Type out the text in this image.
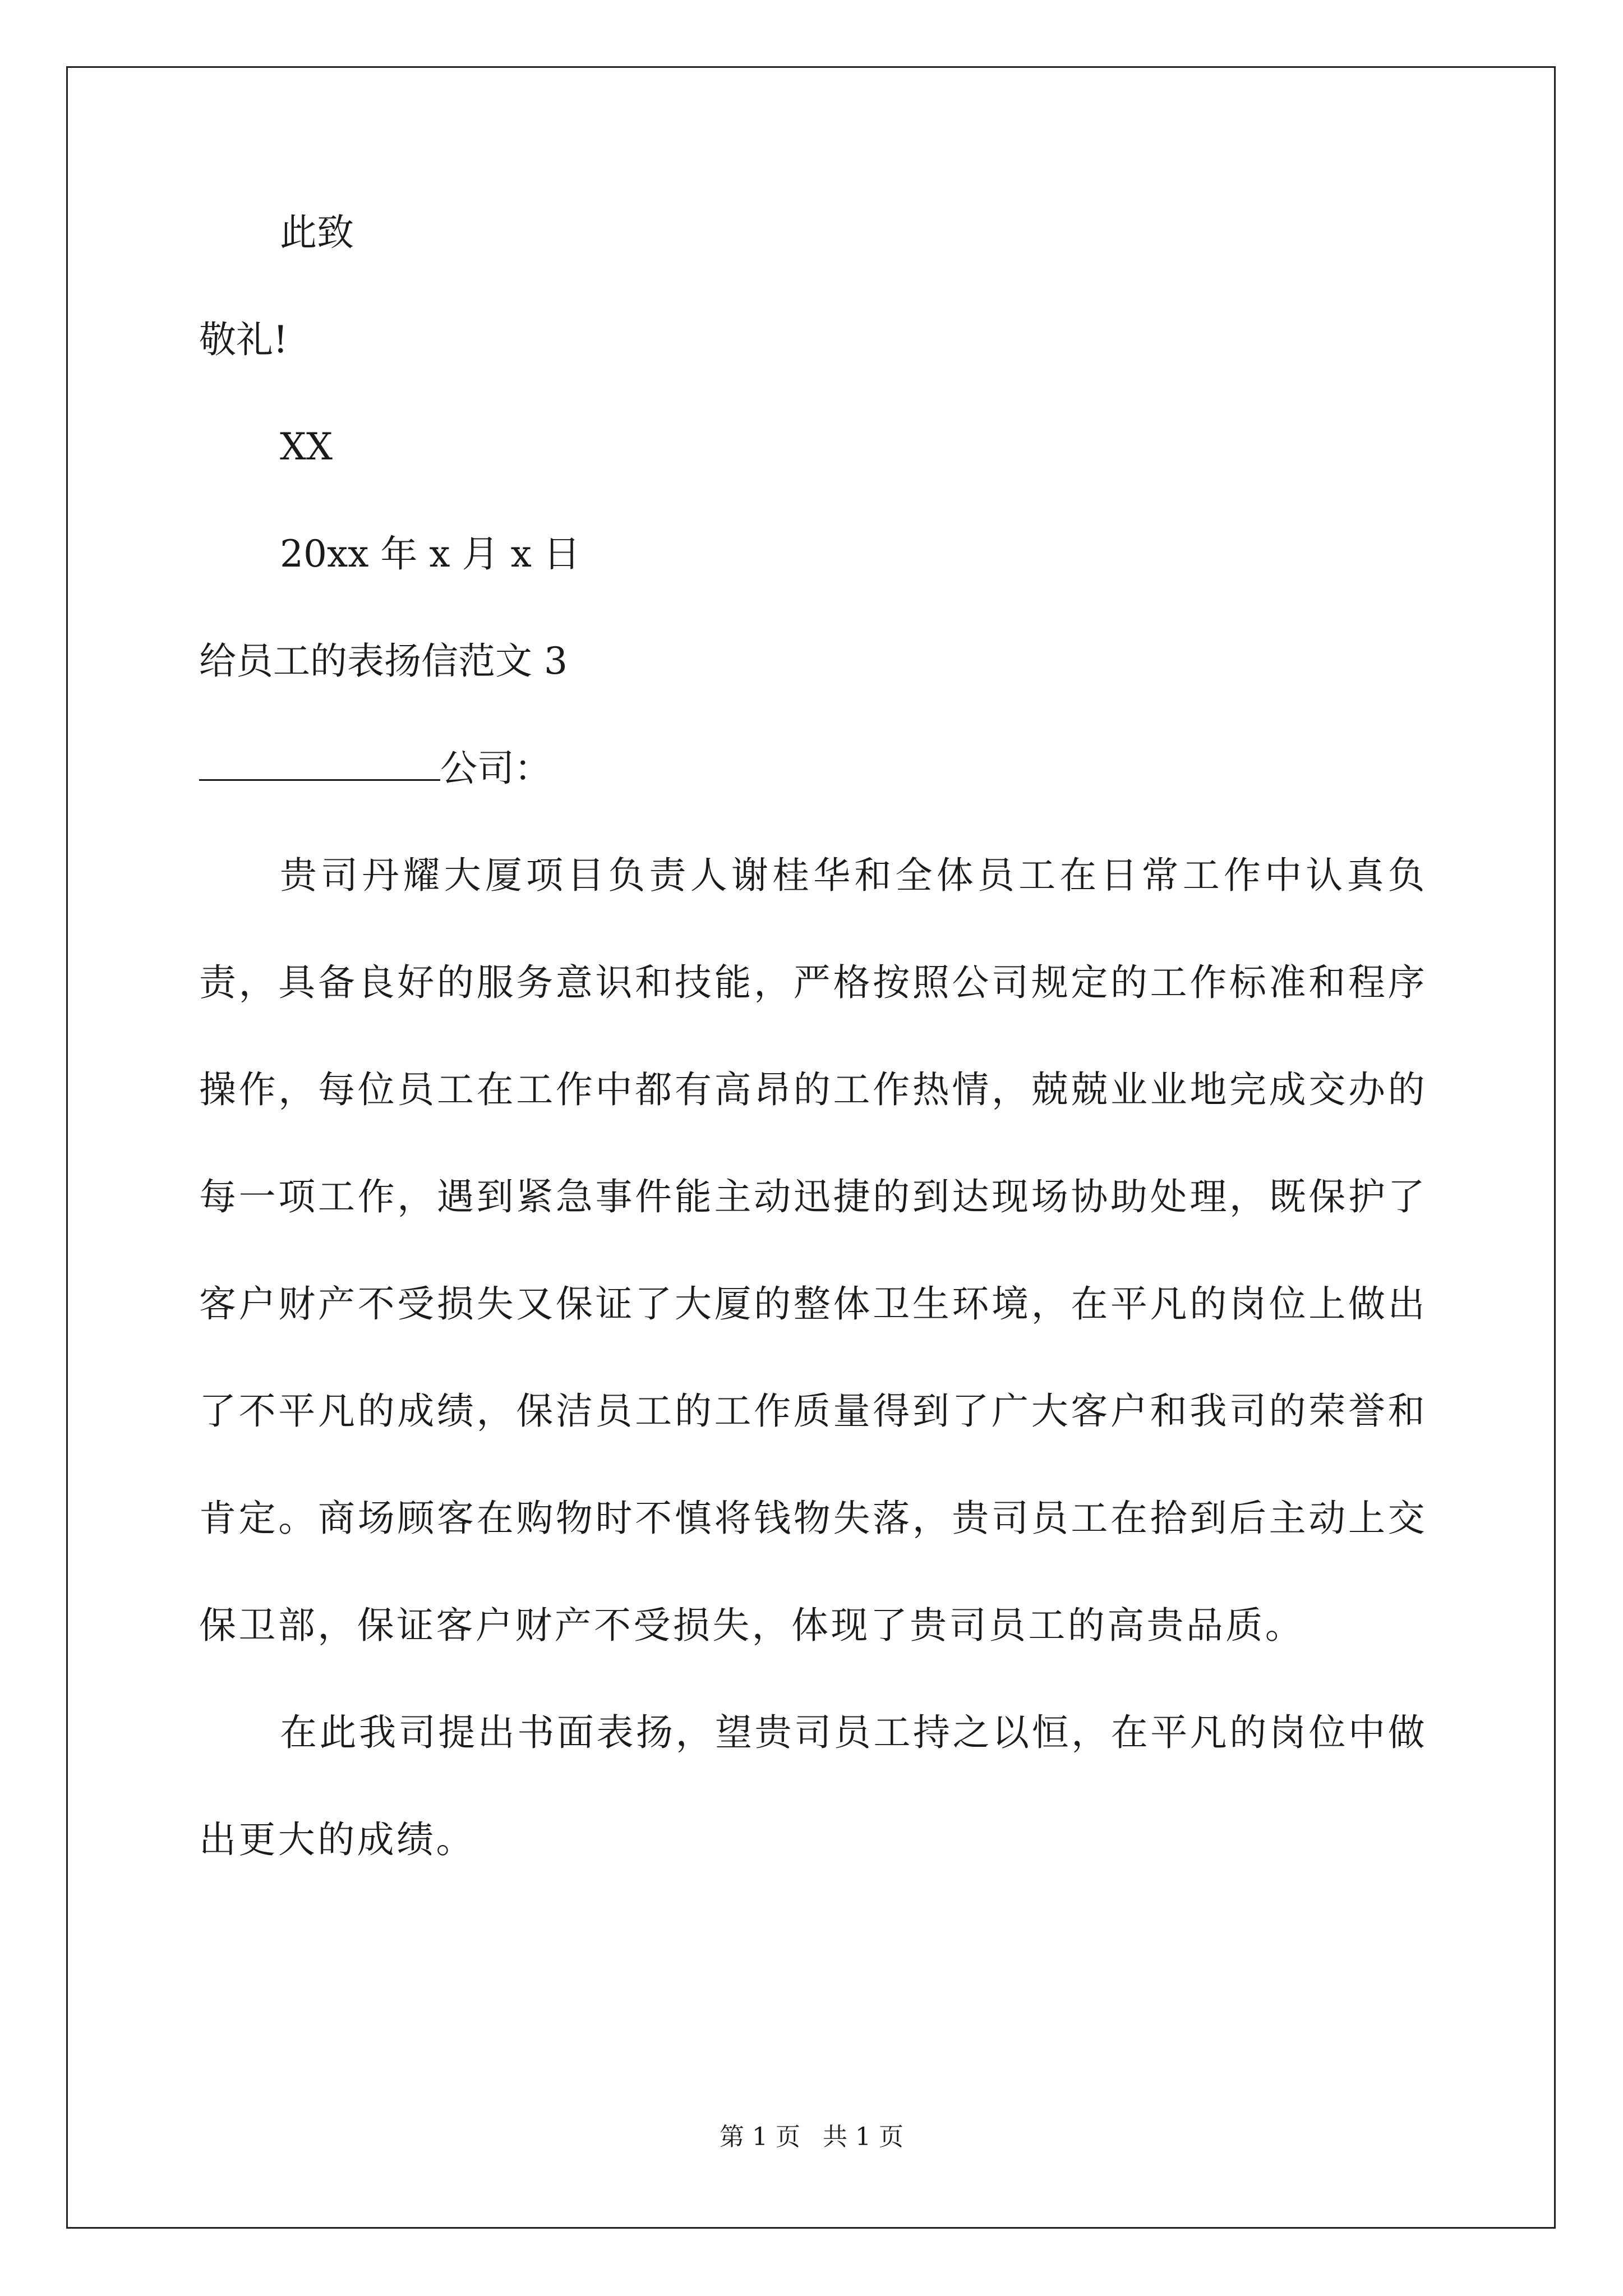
此致
敬礼!
XX
20xx 年 x 月 x 日
给员工的表扬信范文 3
公司：
贵司丹耀大厦项目负责人谢桂华和全体员工在日常工作中认真负责，具备良好的服务意识和技能，严格按照公司规定的工作标准和程序操作，每位员工在工作中都有高昂的工作热情，兢兢业业地完成交办的每一项工作，遇到紧急事件能主动迅捷的到达现场协助处理，既保护了客户财产不受损失又保证了大厦的整体卫生环境，在平凡的岗位上做出了不平凡的成绩，保洁员工的工作质量得到了广大客户和我司的荣誉和肯定。商场顾客在购物时不慎将钱物失落，贵司员工在拾到后主动上交保卫部，保证客户财产不受损失，体现了贵司员工的高贵品质。
在此我司提出书面表扬，望贵司员工持之以恒，在平凡的岗位中做出更大的成绩。
第 1 页 共 1 页
